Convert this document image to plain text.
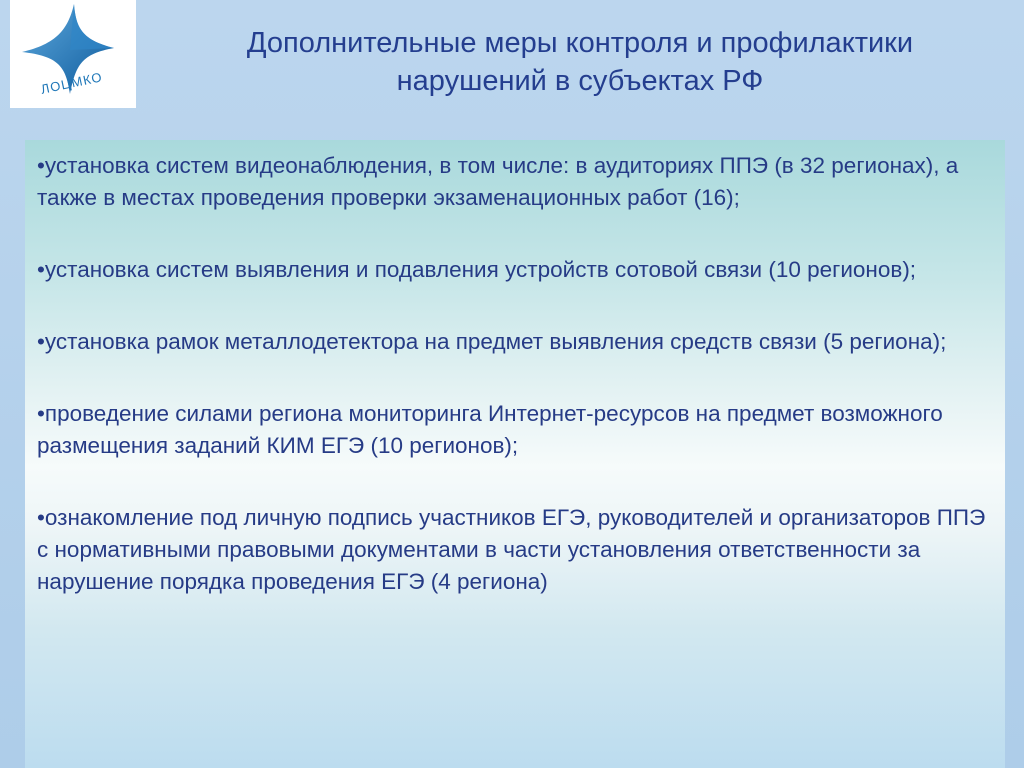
ЛОЦМКО
Дополнительные меры контроля и профилактики
нарушений в субъектах РФ
•установка систем видеонаблюдения, в том числе: в аудиториях ППЭ (в 32 регионах), а также в местах проведения проверки экзаменационных работ (16);
•установка систем выявления и подавления устройств сотовой связи (10 регионов);
•установка рамок металлодетектора на предмет выявления средств связи (5 региона);
•проведение силами региона мониторинга Интернет-ресурсов на предмет возможного размещения заданий КИМ ЕГЭ (10 регионов);
•ознакомление под личную подпись участников ЕГЭ, руководителей и организаторов ППЭ с нормативными правовыми документами в части установления ответственности за нарушение порядка проведения ЕГЭ (4 региона)
